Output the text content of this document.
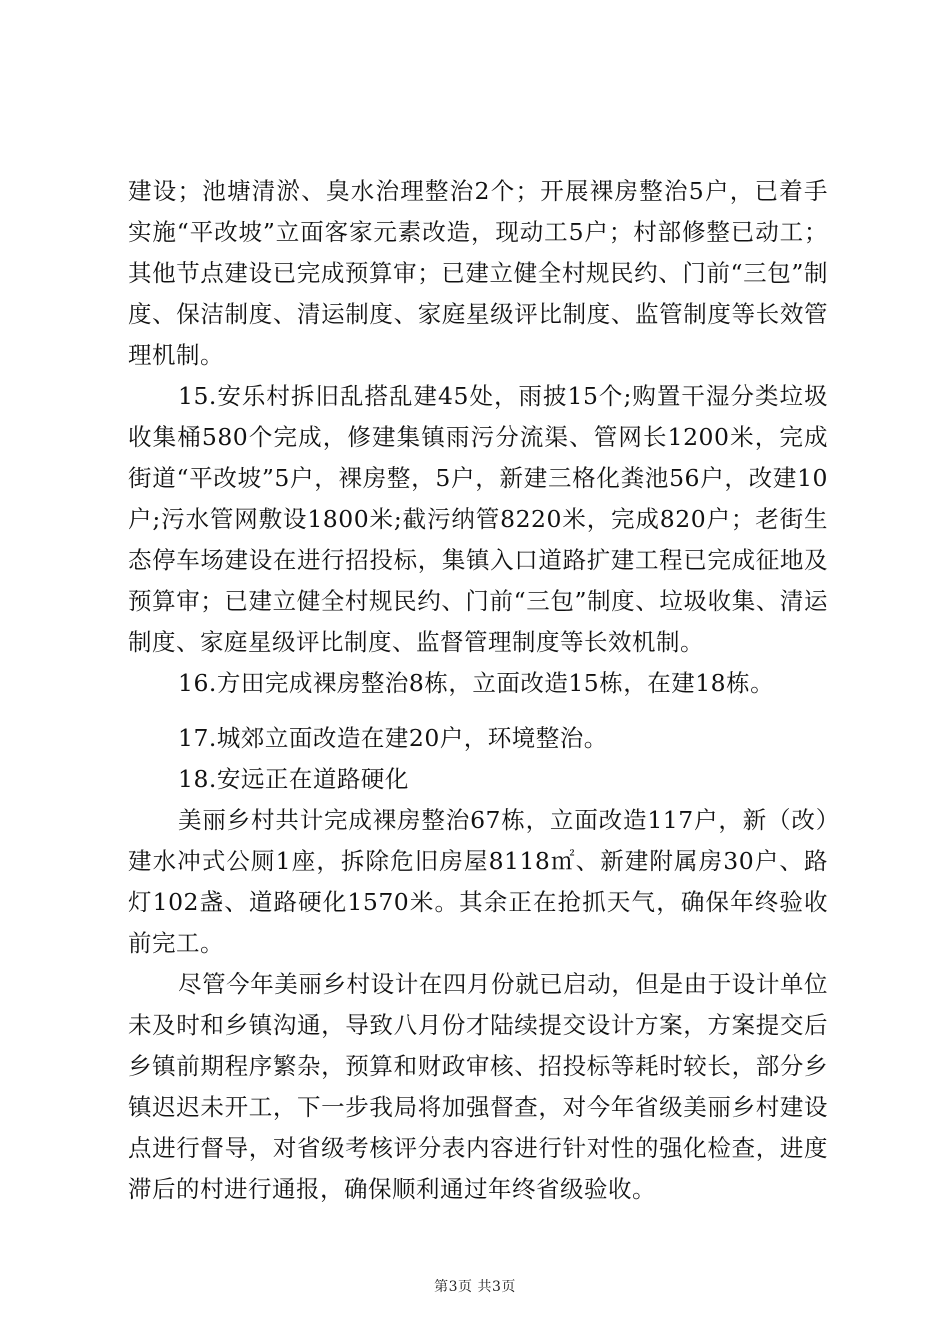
建设；池塘清淤、臭水治理整治2个；开展裸房整治5户，已着手实施“平改坡”立面客家元素改造，现动工5户；村部修整已动工；其他节点建设已完成预算审；已建立健全村规民约、门前“三包”制度、保洁制度、清运制度、家庭星级评比制度、监管制度等长效管理机制。

15.安乐村拆旧乱搭乱建45处，雨披15个;购置干湿分类垃圾收集桶580个完成，修建集镇雨污分流渠、管网长1200米，完成街道“平改坡”5户，裸房整，5户，新建三格化粪池56户，改建10户;污水管网敷设1800米;截污纳管8220米，完成820户；老街生态停车场建设在进行招投标，集镇入口道路扩建工程已完成征地及预算审；已建立健全村规民约、门前“三包”制度、垃圾收集、清运制度、家庭星级评比制度、监督管理制度等长效机制。

16.方田完成裸房整治8栋，立面改造15栋，在建18栋。

17.城郊立面改造在建20户，环境整治。

18.安远正在道路硬化

美丽乡村共计完成裸房整治67栋，立面改造117户，新（改）建水冲式公厕1座，拆除危旧房屋8118㎡、新建附属房30户、路灯102盏、道路硬化1570米。其余正在抢抓天气，确保年终验收前完工。

尽管今年美丽乡村设计在四月份就已启动，但是由于设计单位未及时和乡镇沟通，导致八月份才陆续提交设计方案，方案提交后乡镇前期程序繁杂，预算和财政审核、招投标等耗时较长，部分乡镇迟迟未开工，下一步我局将加强督查，对今年省级美丽乡村建设点进行督导，对省级考核评分表内容进行针对性的强化检查，进度滞后的村进行通报，确保顺利通过年终省级验收。

第3页 共3页
